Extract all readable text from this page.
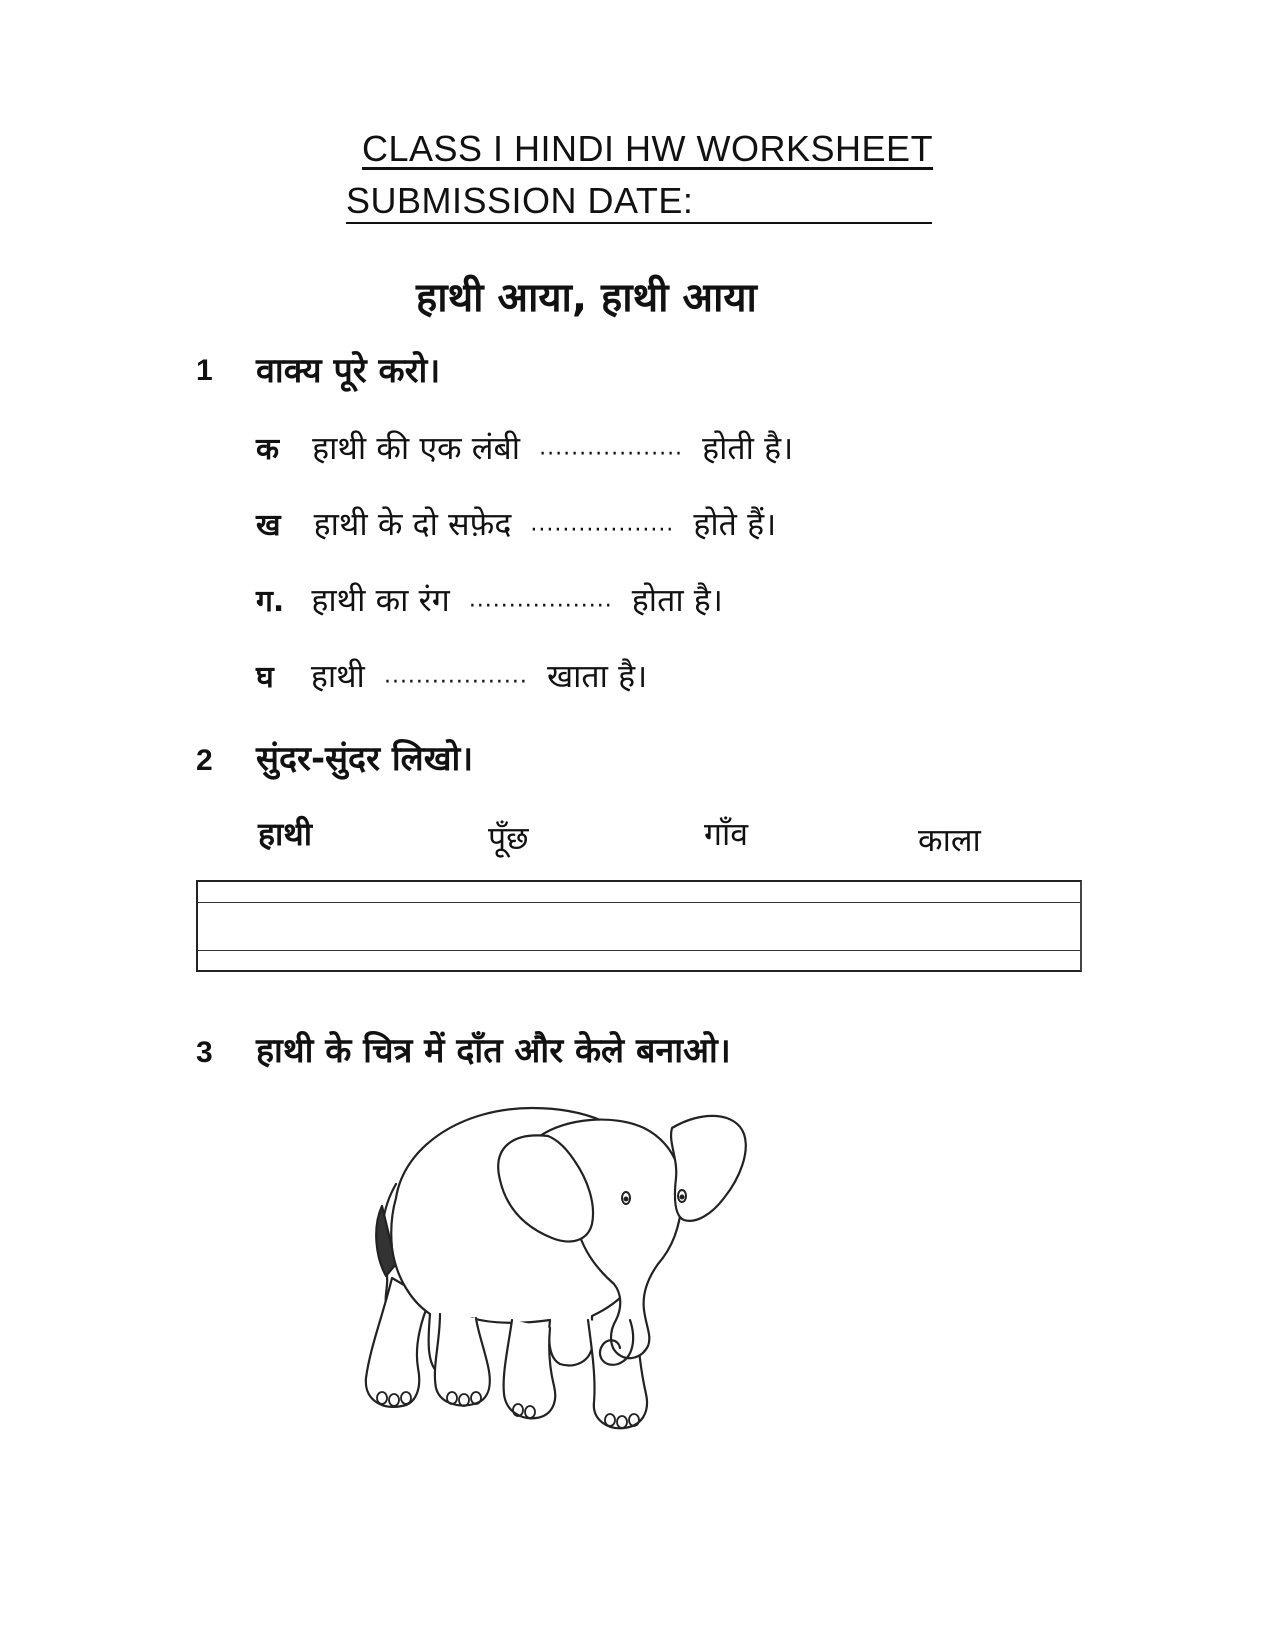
CLASS I HINDI HW WORKSHEET
SUBMISSION DATE:
हाथी आया, हाथी आया
1 वाक्य पूरे करो।
क हाथी की एक लंबी ·················· होती है।
ख हाथी के दो सफ़ेद ·················· होते हैं।
ग. हाथी का रंग ·················· होता है।
घ हाथी ·················· खाता है।
2 सुंदर-सुंदर लिखो।
हाथी	पूँछ	गाँव	काला
3 हाथी के चित्र में दाँत और केले बनाओ।
